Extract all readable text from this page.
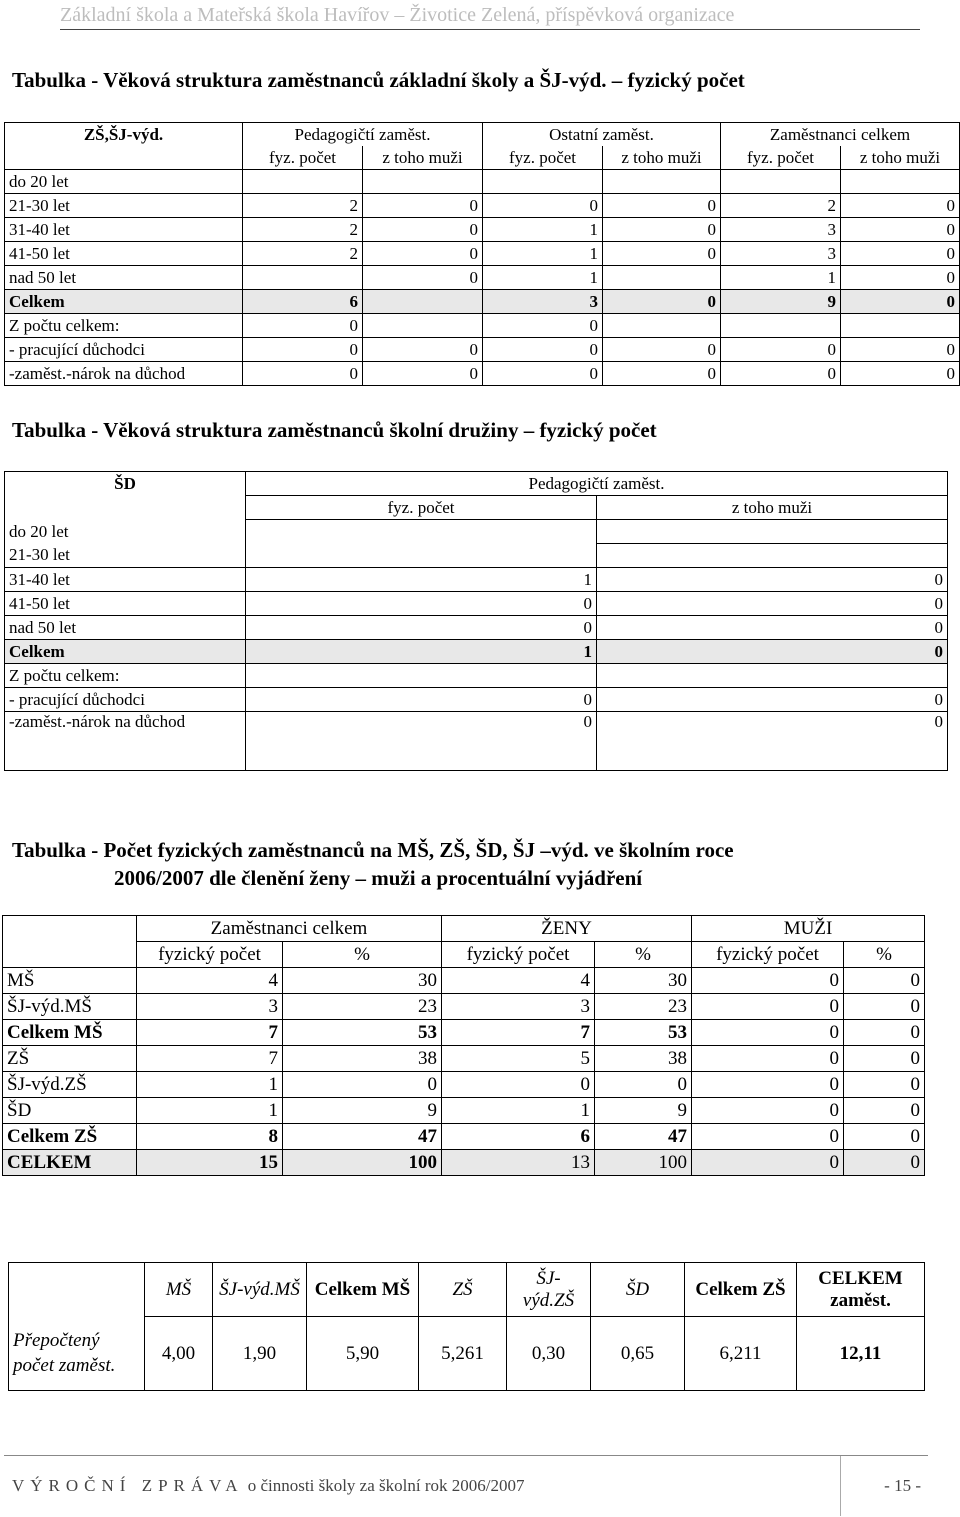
Základní škola a Mateřská škola Havířov – Životice Zelená, příspěvková organizace
Tabulka - Věková struktura zaměstnanců základní školy a ŠJ-výd. – fyzický počet
ZŠ,ŠJ-výd.	Pedagogičtí zaměst.		Ostatní zaměst.		Zaměstnanci celkem	
	fyz. počet	z toho muži	fyz. počet	z toho muži	fyz. počet	z toho muži
do 20 let						
21-30 let	2	0	0	0	2	0
31-40 let	2	0	1	0	3	0
41-50 let	2	0	1	0	3	0
nad 50 let		0	1		1	0
Celkem	6		3	0	9	0
Z počtu celkem:	0		0			
- pracující důchodci	0	0	0	0	0	0
-zaměst.-nárok na důchod	0	0	0	0	0	0
Tabulka - Věková struktura zaměstnanců školní družiny – fyzický počet
ŠD	Pedagogičtí zaměst.	
	fyz. počet	z toho muži
do 20 let		
21-30 let		
31-40 let	1	0
41-50 let	0	0
nad 50 let	0	0
Celkem	1	0
Z počtu celkem:		
- pracující důchodci	0	0
-zaměst.-nárok na důchod	0	0
Tabulka - Počet fyzických zaměstnanců na MŠ, ZŠ, ŠD, ŠJ –výd. ve školním roce
2006/2007 dle členění ženy – muži a procentuální vyjádření
	Zaměstnanci celkem		ŽENY		MUŽI	
	fyzický počet	%	fyzický počet	%	fyzický počet	%
MŠ	4	30	4	30	0	0
ŠJ-výd.MŠ	3	23	3	23	0	0
Celkem MŠ	7	53	7	53	0	0
ZŠ	7	38	5	38	0	0
ŠJ-výd.ZŠ	1	0	0	0	0	0
ŠD	1	9	1	9	0	0
Celkem ZŠ	8	47	6	47	0	0
CELKEM	15	100	13	100	0	0
	MŠ	ŠJ-výd.MŠ	Celkem MŠ	ZŠ	ŠJ-výd.ZŠ	ŠD	Celkem ZŠ	CELKEM zaměst.
Přepočtený počet zaměst.	4,00	1,90	5,90	5,261	0,30	0,65	6,211	12,11
VÝROČNÍ ZPRÁVA o činnosti školy za školní rok 2006/2007	- 15 -
